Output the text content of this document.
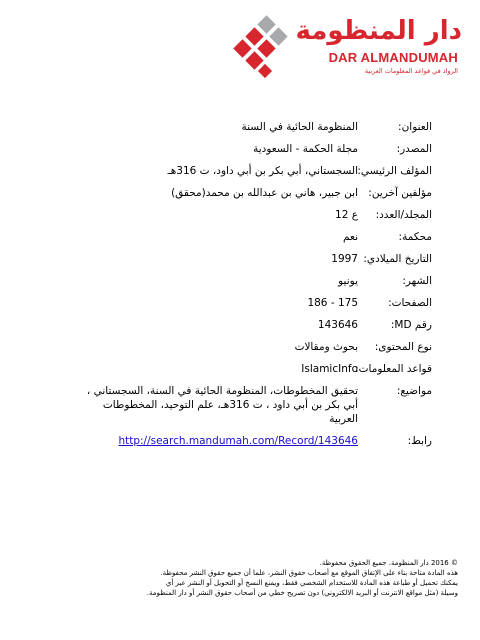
دار المنظومة
DAR ALMANDUMAH
الرواد في قواعد المعلومات العربية
العنوان:
المنظومة الحائية في السنة
المصدر:
مجلة الحكمة - السعودية
المؤلف الرئيسي:
السجستاني، أبي بكر بن أبي داود، ت 316هـ
مؤلفين آخرين:
ابن جبير، هاني بن عبدالله بن محمد(محقق)
المجلد/العدد:
ع 12
محكمة:
نعم
التاريخ الميلادي:
1997
الشهر:
يونيو
الصفحات:
175 - 186
رقم MD:
143646
نوع المحتوى:
بحوث ومقالات
قواعد المعلومات:
IslamicInfo
مواضيع:
تحقيق المخطوطات، المنظومة الحائية في السنة، السجستاني ، أبي بكر بن أبي داود ، ت 316هـ، علم التوحيد، المخطوطات العربية
رابط:
http://search.mandumah.com/Record/143646
© 2016 دار المنظومة. جميع الحقوق محفوظة.
هذه المادة متاحة بناء على الإتفاق الموقع مع أصحاب حقوق النشر، علما أن جميع حقوق النشر محفوظة.
يمكنك تحميل أو طباعة هذه المادة للاستخدام الشخصي فقط، ويمنع النسخ أو التحويل أو النشر عبر أي
وسيلة (مثل مواقع الانترنت أو البريد الالكتروني) دون تصريح خطي من أصحاب حقوق النشر أو دار المنظومة.
